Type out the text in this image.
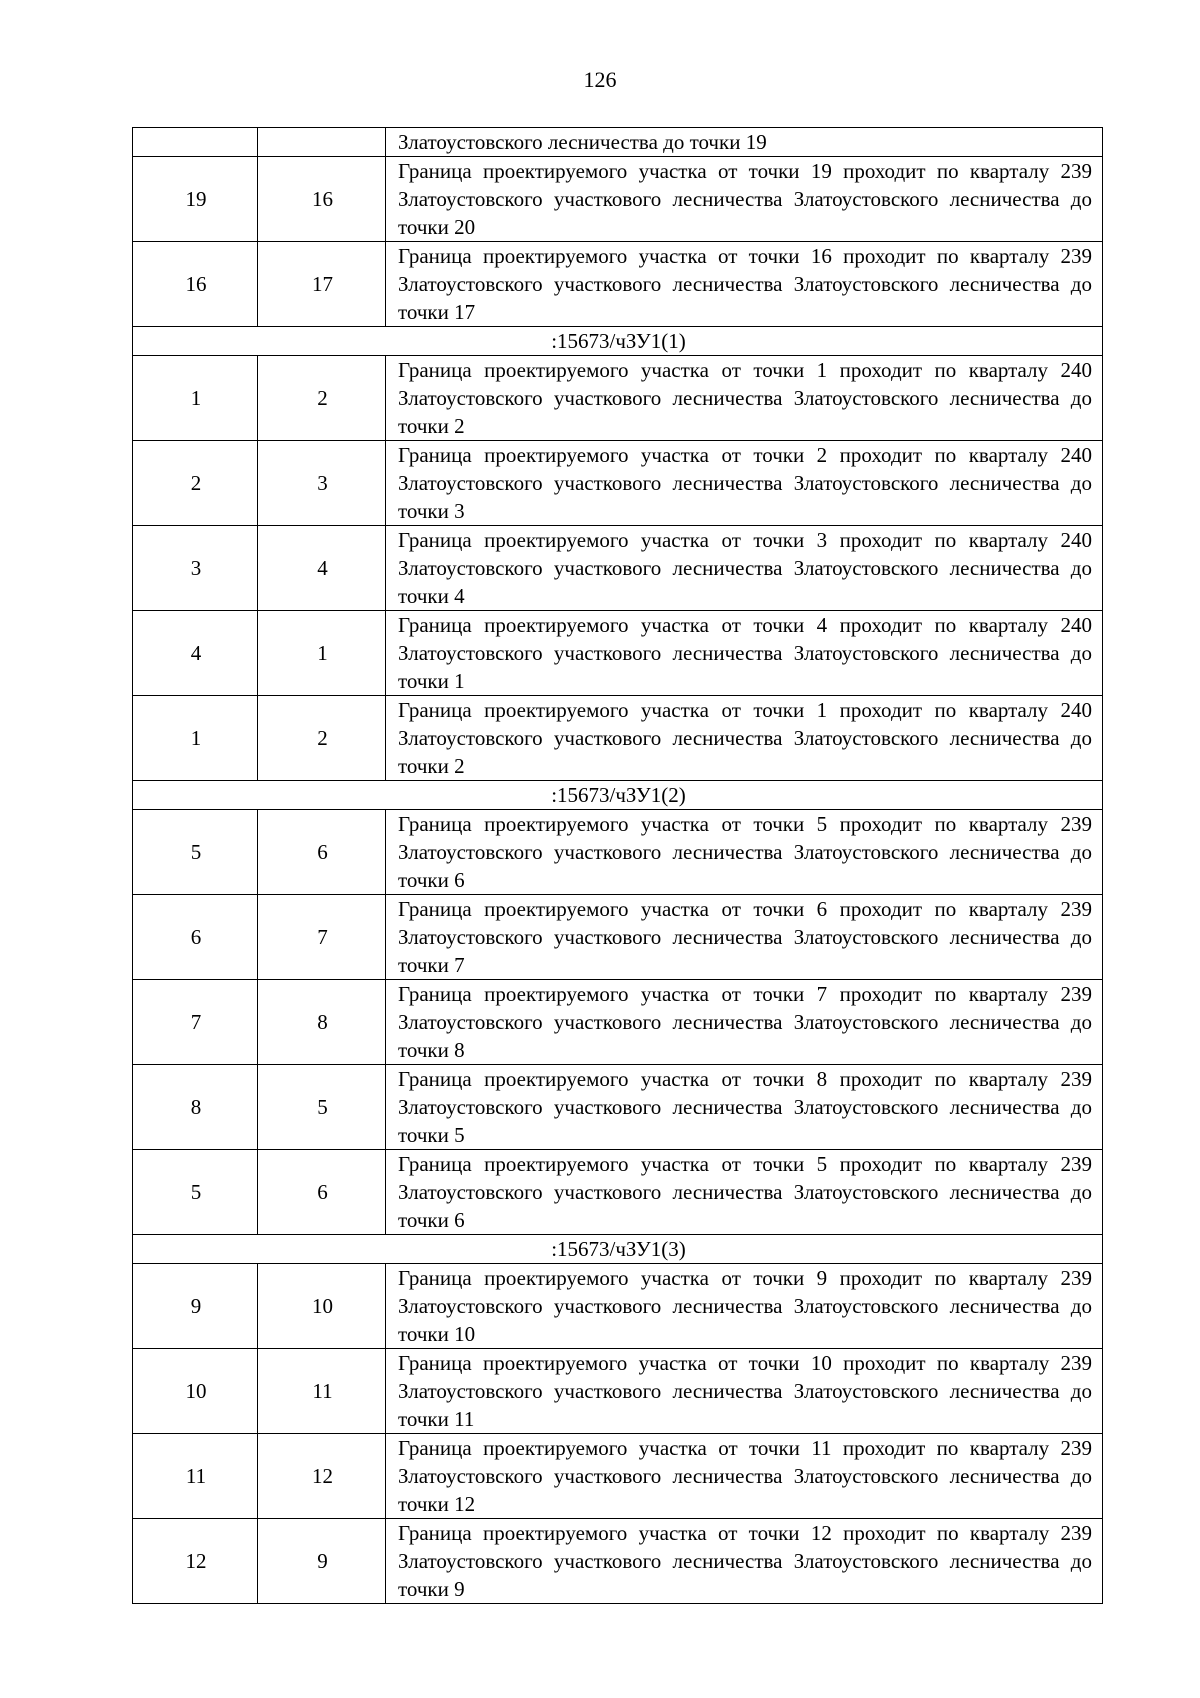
126
		Златоустовского лесничества до точки 19
19	16	Граница проектируемого участка от точки 19 проходит по кварталу 239 Златоустовского участкового лесничества Златоустовского лесничества до точки 20
16	17	Граница проектируемого участка от точки 16 проходит по кварталу 239 Златоустовского участкового лесничества Златоустовского лесничества до точки 17
:15673/чЗУ1(1)		
1	2	Граница проектируемого участка от точки 1 проходит по кварталу 240 Златоустовского участкового лесничества Златоустовского лесничества до точки 2
2	3	Граница проектируемого участка от точки 2 проходит по кварталу 240 Златоустовского участкового лесничества Златоустовского лесничества до точки 3
3	4	Граница проектируемого участка от точки 3 проходит по кварталу 240 Златоустовского участкового лесничества Златоустовского лесничества до точки 4
4	1	Граница проектируемого участка от точки 4 проходит по кварталу 240 Златоустовского участкового лесничества Златоустовского лесничества до точки 1
1	2	Граница проектируемого участка от точки 1 проходит по кварталу 240 Златоустовского участкового лесничества Златоустовского лесничества до точки 2
:15673/чЗУ1(2)		
5	6	Граница проектируемого участка от точки 5 проходит по кварталу 239 Златоустовского участкового лесничества Златоустовского лесничества до точки 6
6	7	Граница проектируемого участка от точки 6 проходит по кварталу 239 Златоустовского участкового лесничества Златоустовского лесничества до точки 7
7	8	Граница проектируемого участка от точки 7 проходит по кварталу 239 Златоустовского участкового лесничества Златоустовского лесничества до точки 8
8	5	Граница проектируемого участка от точки 8 проходит по кварталу 239 Златоустовского участкового лесничества Златоустовского лесничества до точки 5
5	6	Граница проектируемого участка от точки 5 проходит по кварталу 239 Златоустовского участкового лесничества Златоустовского лесничества до точки 6
:15673/чЗУ1(3)		
9	10	Граница проектируемого участка от точки 9 проходит по кварталу 239 Златоустовского участкового лесничества Златоустовского лесничества до точки 10
10	11	Граница проектируемого участка от точки 10 проходит по кварталу 239 Златоустовского участкового лесничества Златоустовского лесничества до точки 11
11	12	Граница проектируемого участка от точки 11 проходит по кварталу 239 Златоустовского участкового лесничества Златоустовского лесничества до точки 12
12	9	Граница проектируемого участка от точки 12 проходит по кварталу 239 Златоустовского участкового лесничества Златоустовского лесничества до точки 9
